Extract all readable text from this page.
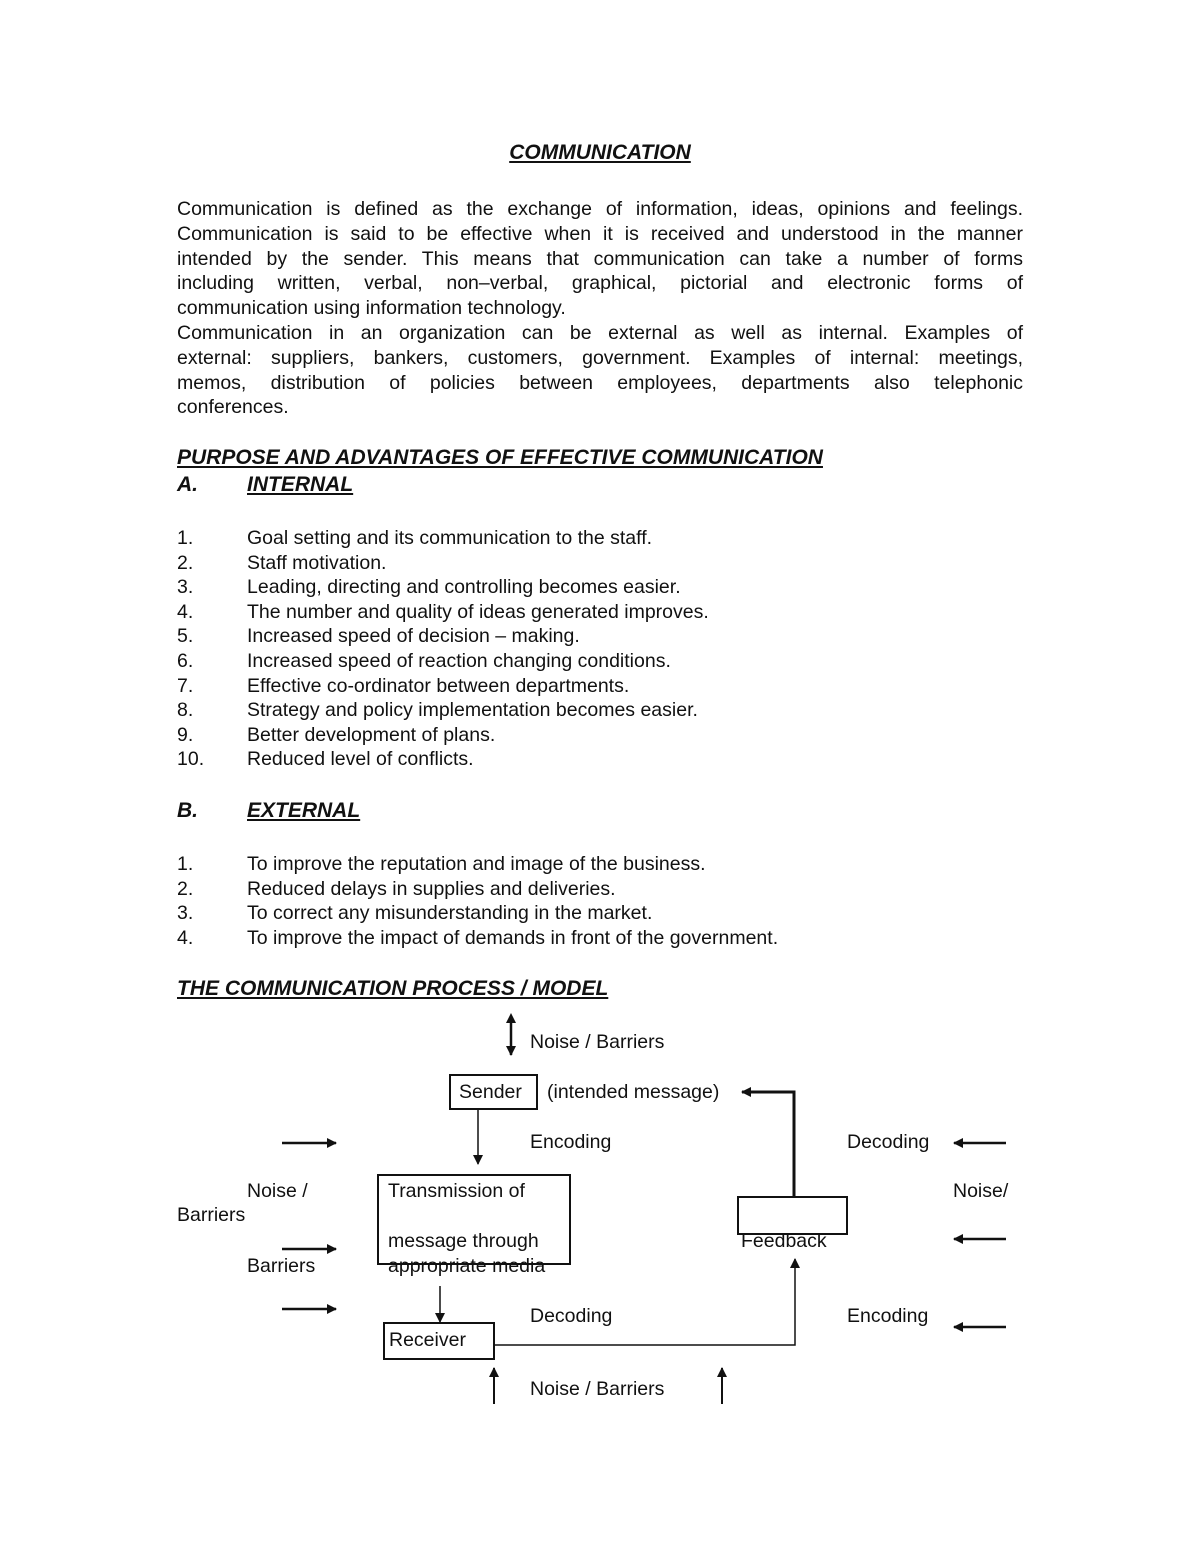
COMMUNICATION
Communication is defined as the exchange of information, ideas, opinions and feelings.
Communication is said to be effective when it is received and understood in the manner
intended by the sender. This means that communication can take a number of forms
including written, verbal, non–verbal, graphical, pictorial and electronic forms of
communication using information technology.
Communication in an organization can be external as well as internal. Examples of
external: suppliers, bankers, customers, government. Examples of internal: meetings,
memos, distribution of policies between employees, departments also telephonic
conferences.
PURPOSE AND ADVANTAGES OF EFFECTIVE COMMUNICATION
A. INTERNAL
1.	Goal setting and its communication to the staff.
2.	Staff motivation.
3.	Leading, directing and controlling becomes easier.
4.	The number and quality of ideas generated improves.
5.	Increased speed of decision – making.
6.	Increased speed of reaction changing conditions.
7.	Effective co-ordinator between departments.
8.	Strategy and policy implementation becomes easier.
9.	Better development of plans.
10. Reduced level of conflicts.
B. EXTERNAL
1.	To improve the reputation and image of the business.
2.	Reduced delays in supplies and deliveries.
3.	To correct any misunderstanding in the market.
4.	To improve the impact of demands in front of the government.
THE COMMUNICATION PROCESS / MODEL
Noise / Barriers
Sender (intended message)
Encoding	Decoding
Noise /
Barriers
Barriers
Transmission of
message through
appropriate media
Feedback
Noise/
Decoding	Encoding
Receiver
Noise / Barriers
